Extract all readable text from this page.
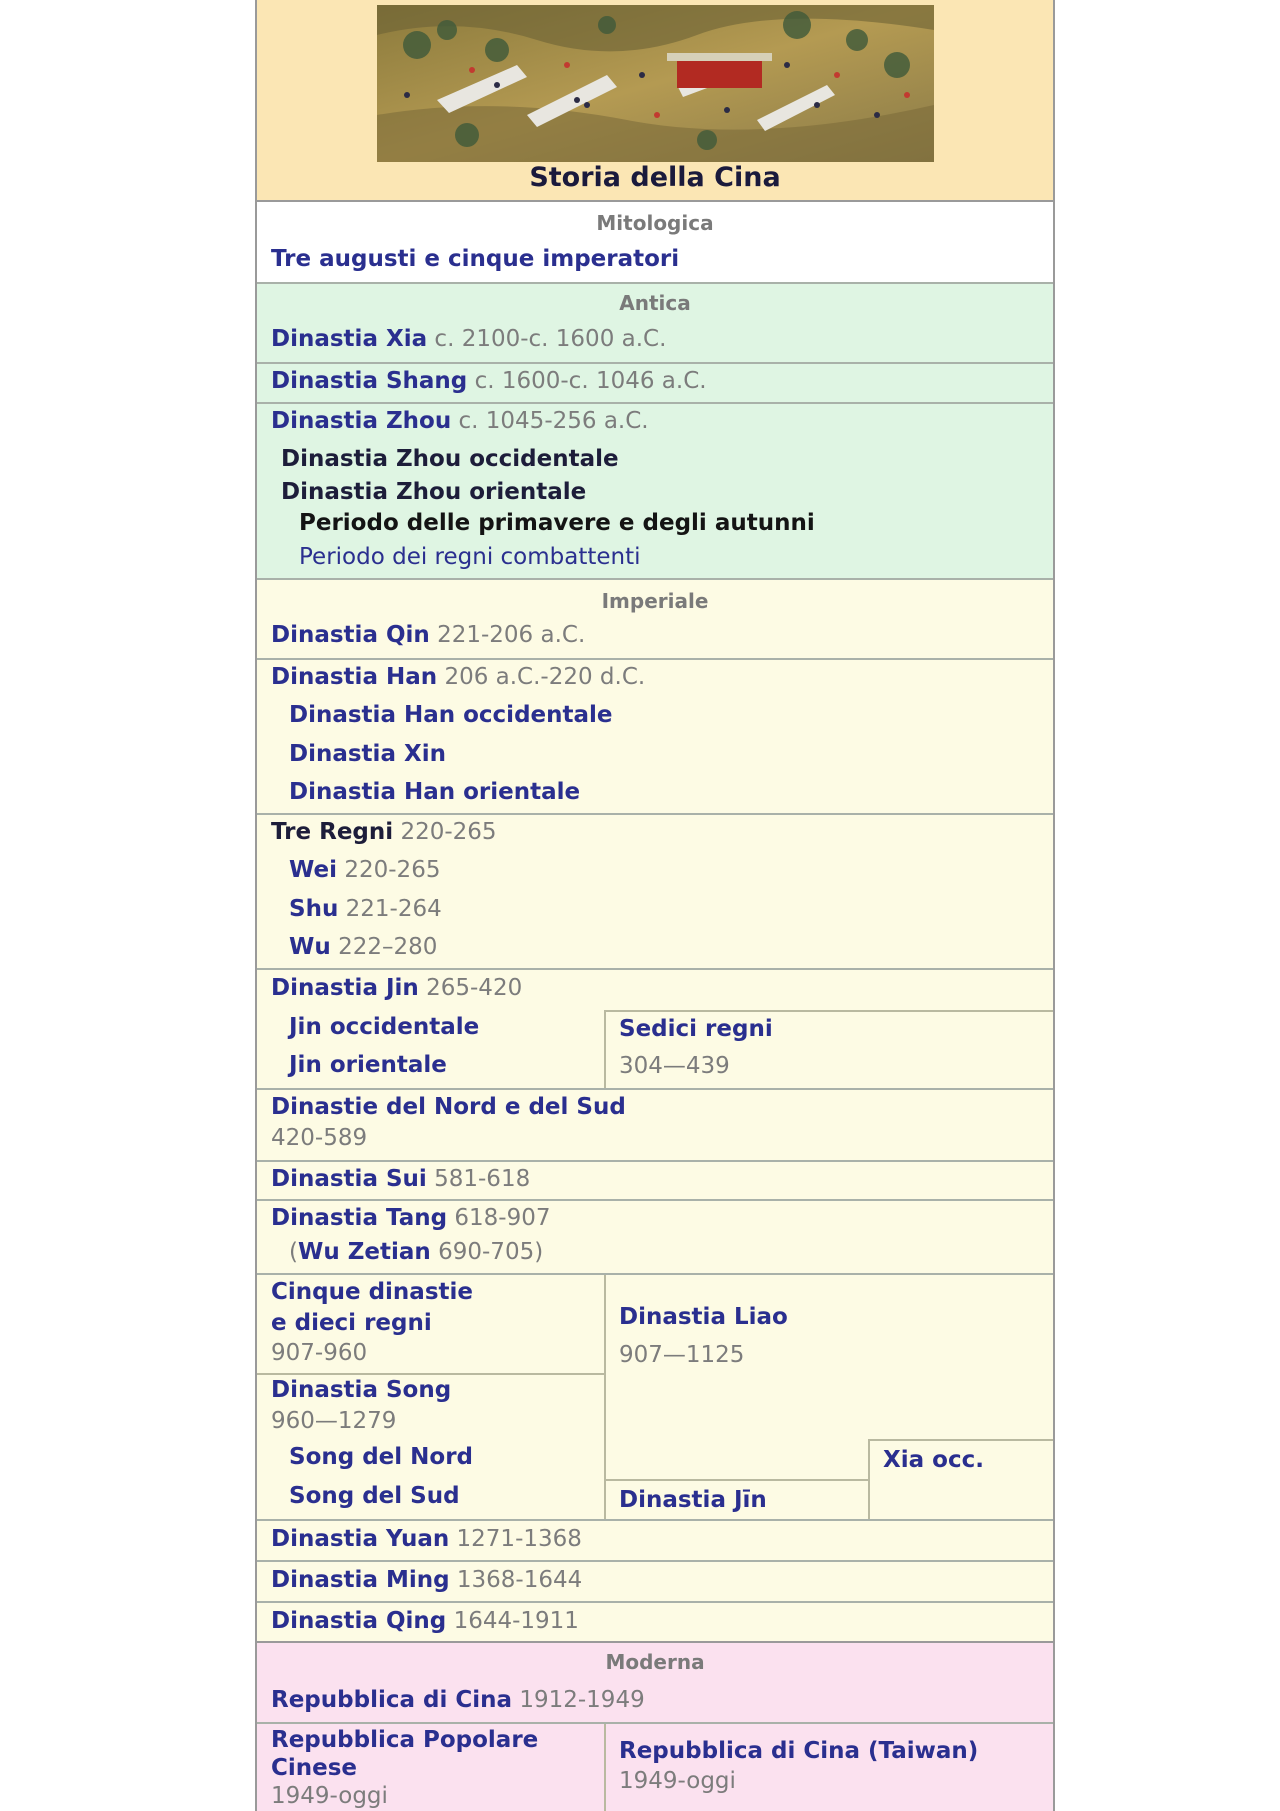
Storia della Cina
Mitologica
Tre augusti e cinque imperatori
Antica
Dinastia Xia c. 2100-c. 1600 a.C.
Dinastia Shang c. 1600-c. 1046 a.C.
Dinastia Zhou c. 1045-256 a.C.
Dinastia Zhou occidentale
Dinastia Zhou orientale
Periodo delle primavere e degli autunni
Periodo dei regni combattenti
Imperiale
Dinastia Qin 221-206 a.C.
Dinastia Han 206 a.C.-220 d.C.
Dinastia Han occidentale
Dinastia Xin
Dinastia Han orientale
Tre Regni 220-265
Wei 220-265
Shu 221-264
Wu 222–280
Dinastia Jin 265-420
Jin occidentale
Jin orientale
Sedici regni
304—439
Dinastie del Nord e del Sud
420-589
Dinastia Sui 581-618
Dinastia Tang 618-907
(Wu Zetian 690-705)
Cinque dinastie
e dieci regni
907-960
Dinastia Song
960—1279
Song del Nord
Song del Sud
Dinastia Liao
907—1125
Xia occ.
Dinastia Jīn
Dinastia Yuan 1271-1368
Dinastia Ming 1368-1644
Dinastia Qing 1644-1911
Moderna
Repubblica di Cina 1912-1949
Repubblica Popolare
Cinese
1949-oggi
Repubblica di Cina (Taiwan)
1949-oggi
